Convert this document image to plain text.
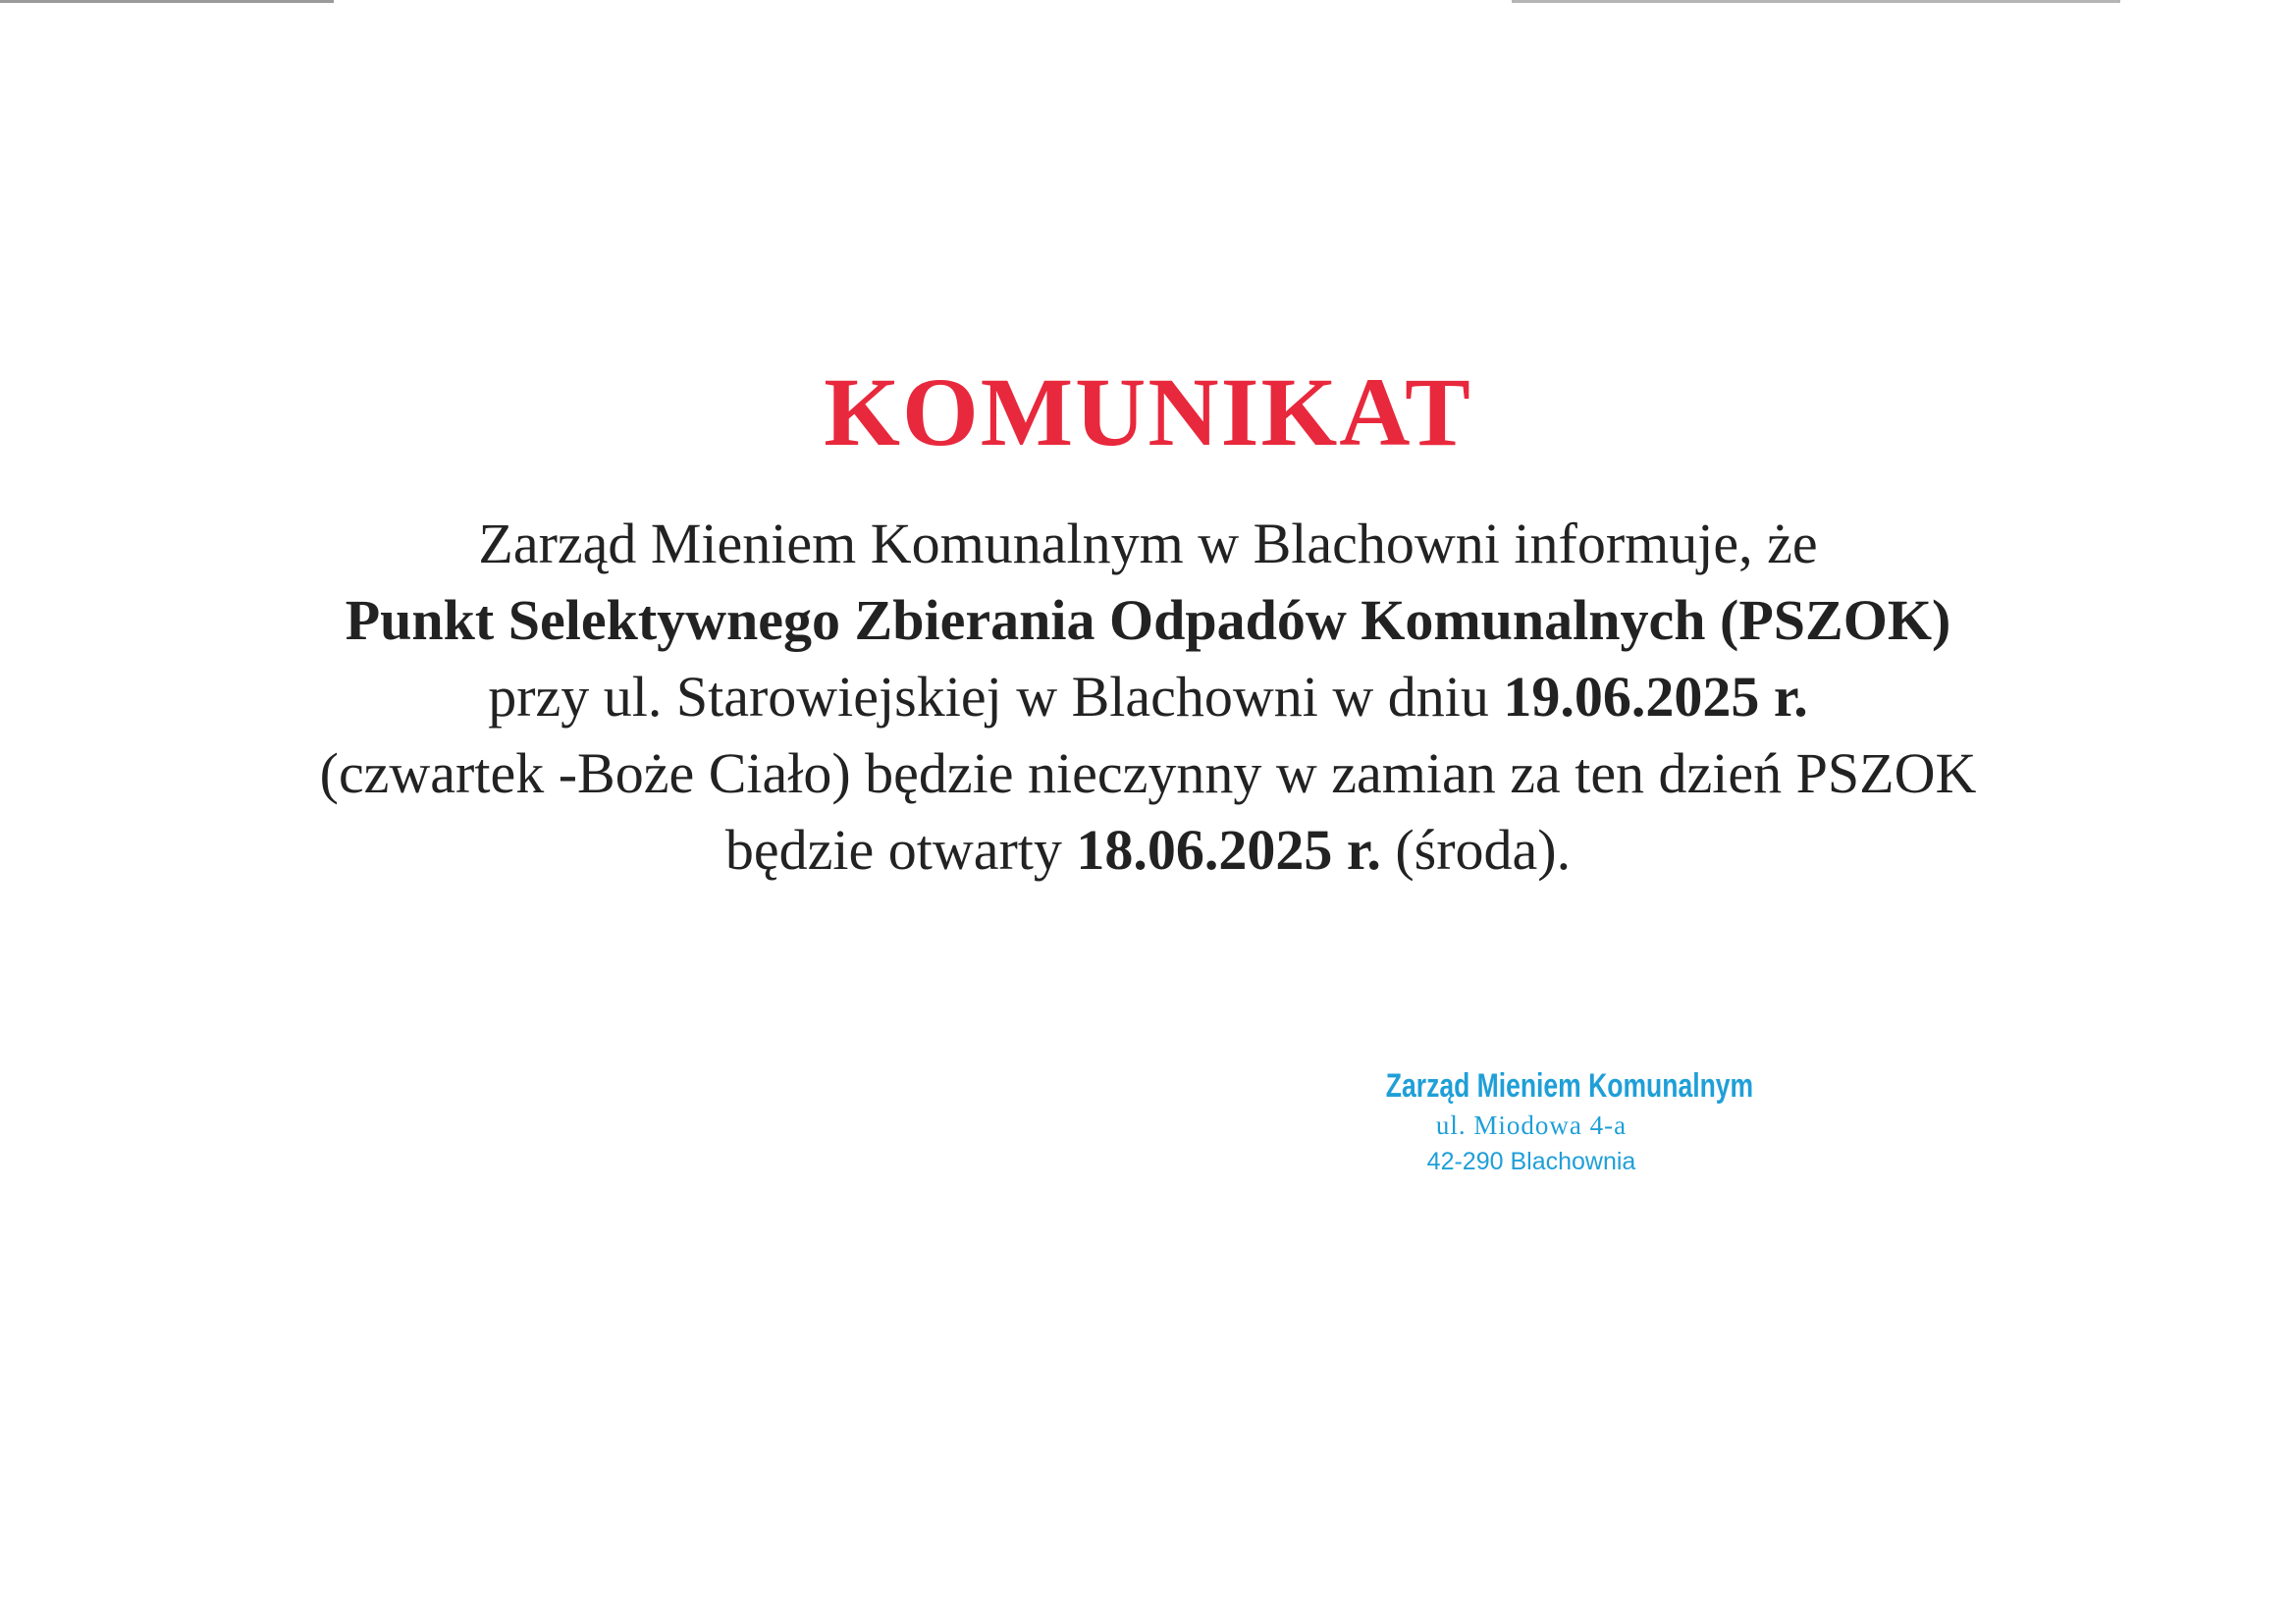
KOMUNIKAT
Zarząd Mieniem Komunalnym w Blachowni informuje, że
Punkt Selektywnego Zbierania Odpadów Komunalnych (PSZOK)
przy ul. Starowiejskiej w Blachowni w dniu 19.06.2025 r.
(czwartek -Boże Ciało) będzie nieczynny w zamian za ten dzień PSZOK
będzie otwarty 18.06.2025 r. (środa).
Zarząd Mieniem Komunalnym
ul. Miodowa 4-a
42-290 Blachownia
